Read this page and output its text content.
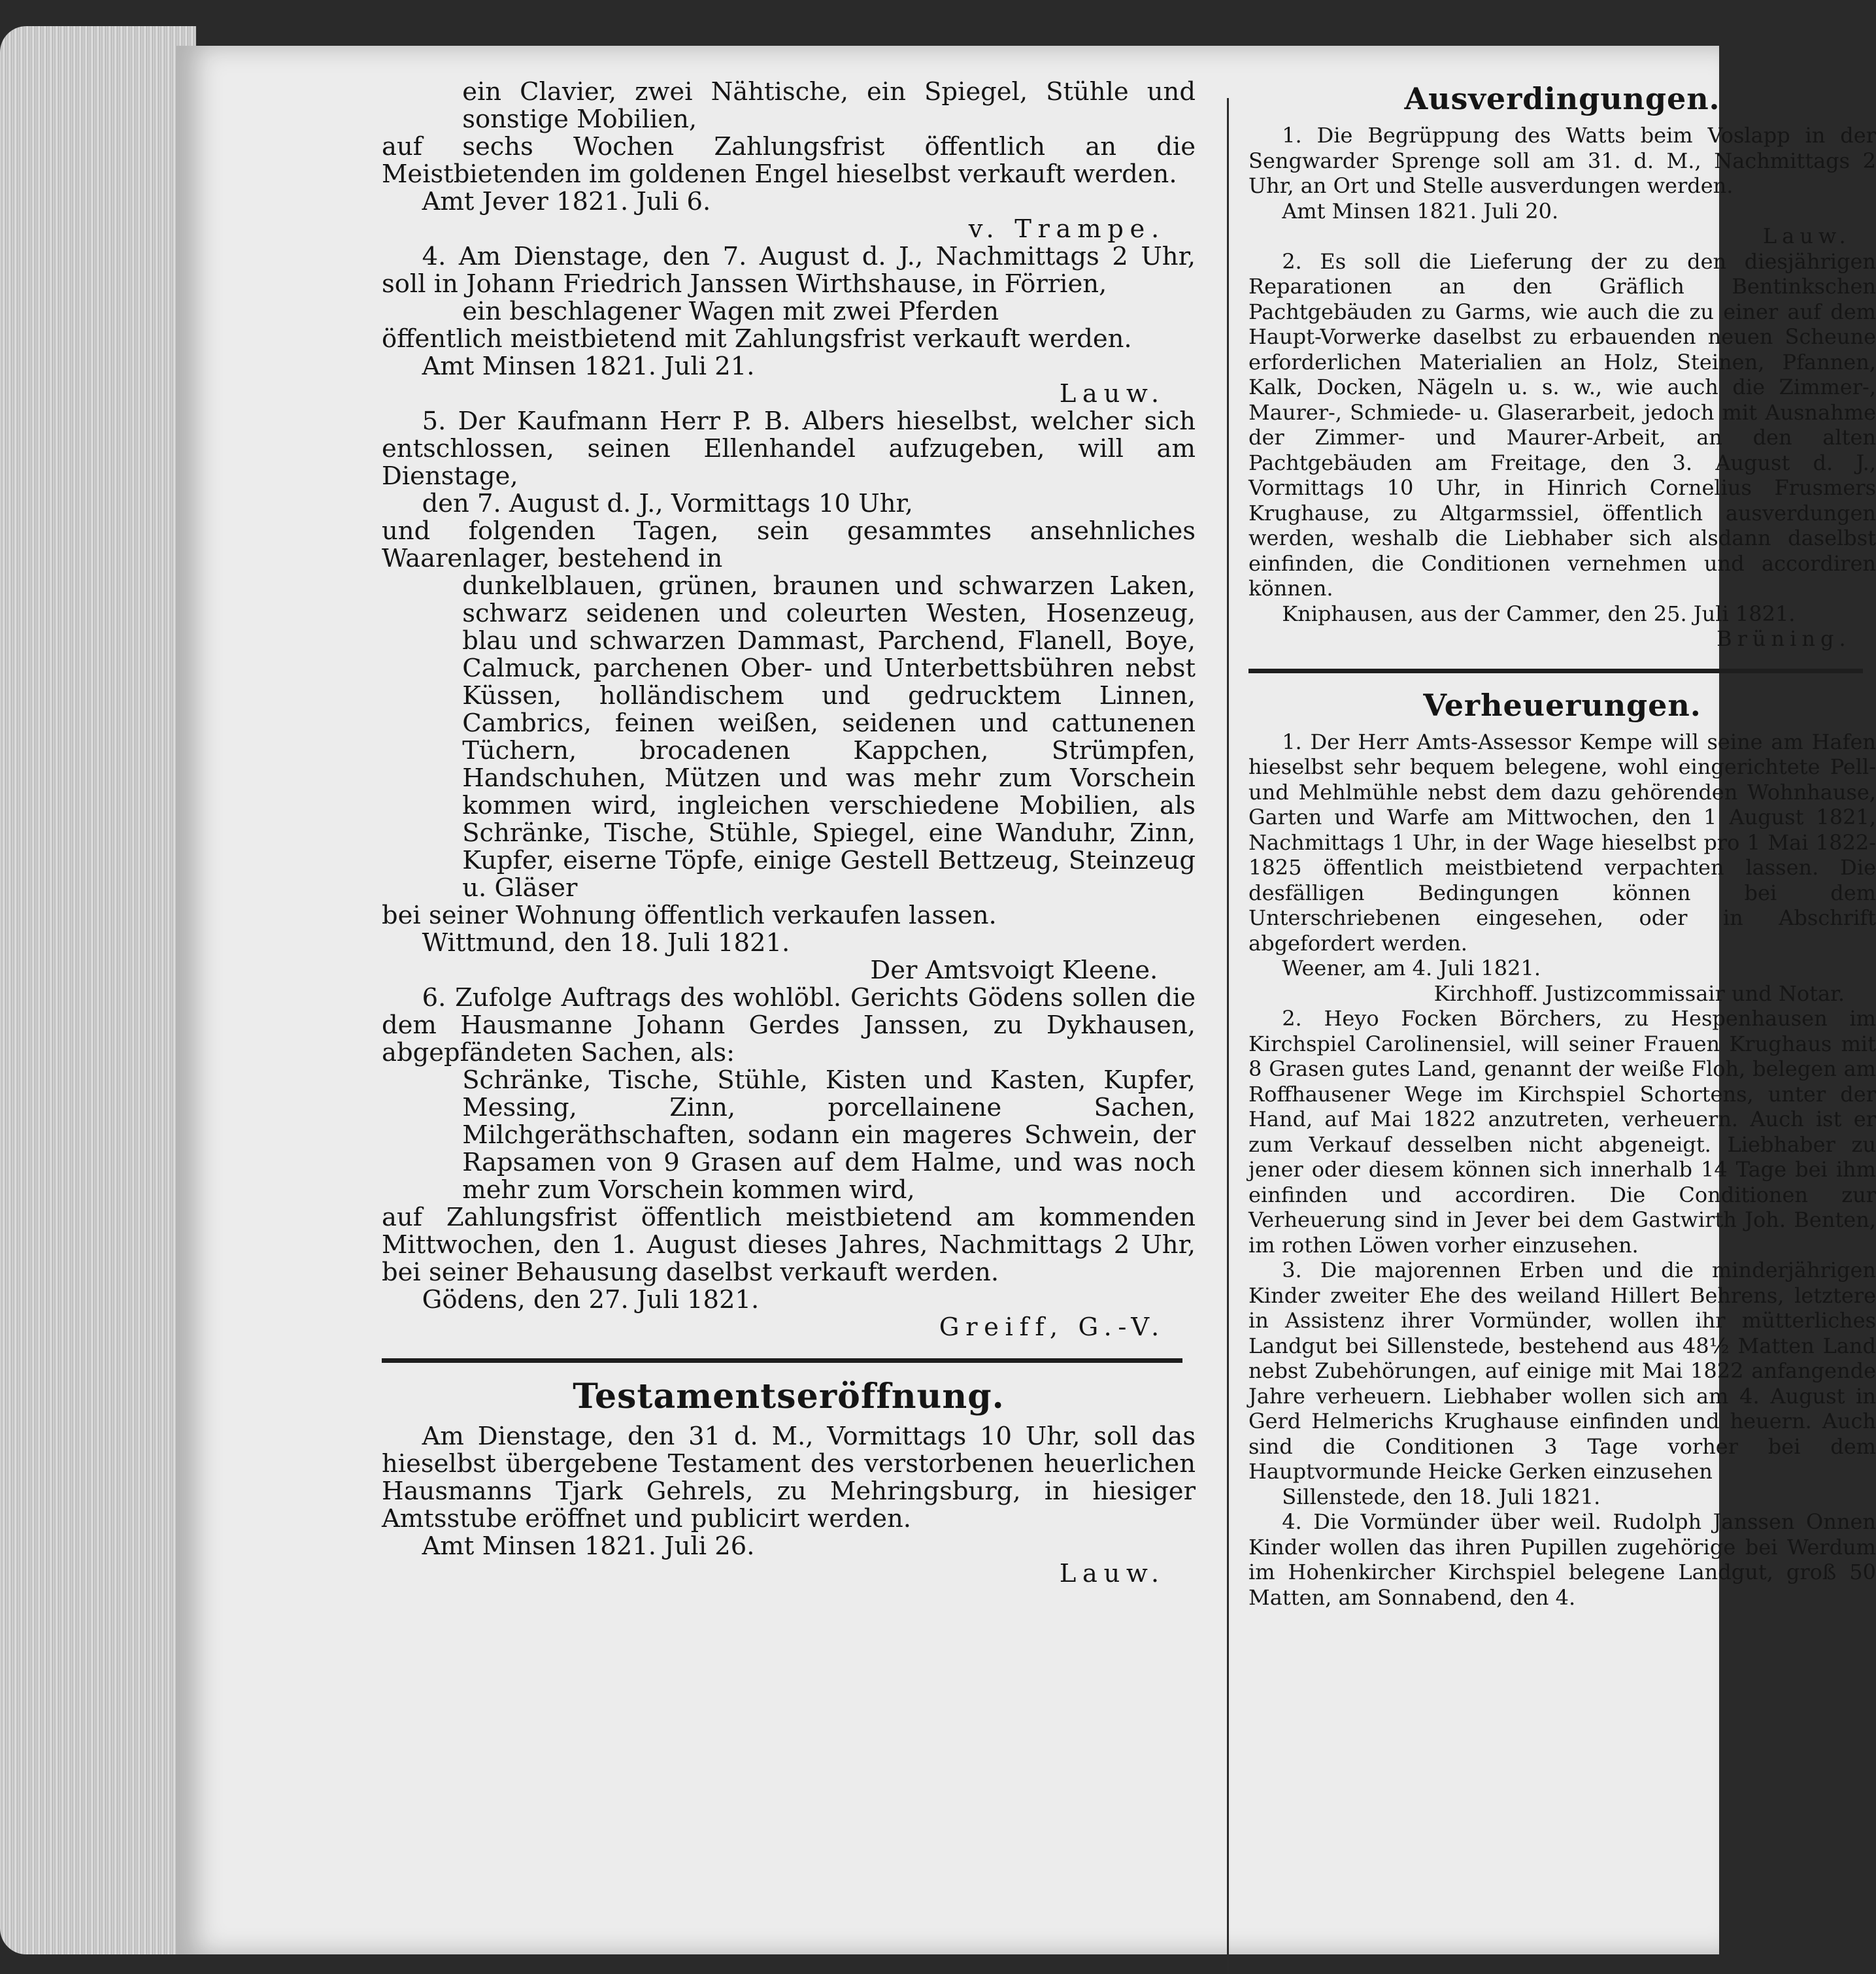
ein Clavier, zwei Nähtische, ein Spiegel, Stühle und sonstige Mobilien,

auf sechs Wochen Zahlungsfrist öffentlich an die Meistbietenden im goldenen Engel hieselbst verkauft werden.

Amt Jever 1821. Juli 6.

v. Trampe.

4. Am Dienstage, den 7. August d. J., Nachmittags 2 Uhr, soll in Johann Friedrich Janssen Wirthshause, in Förrien,

ein beschlagener Wagen mit zwei Pferden

öffentlich meistbietend mit Zahlungsfrist verkauft werden.

Amt Minsen 1821. Juli 21.

Lauw.

5. Der Kaufmann Herr P. B. Albers hieselbst, welcher sich entschlossen, seinen Ellenhandel aufzugeben, will am Dienstage,

den 7. August d. J., Vormittags 10 Uhr,

und folgenden Tagen, sein gesammtes ansehnliches Waarenlager, bestehend in

dunkelblauen, grünen, braunen und schwarzen Laken, schwarz seidenen und coleurten Westen, Hosenzeug, blau und schwarzen Dammast, Parchend, Flanell, Boye, Calmuck, parchenen Ober- und Unterbettsbühren nebst Küssen, holländischem und gedrucktem Linnen, Cambrics, feinen weißen, seidenen und cattunenen Tüchern, brocadenen Kappchen, Strümpfen, Handschuhen, Mützen und was mehr zum Vorschein kommen wird, ingleichen verschiedene Mobilien, als Schränke, Tische, Stühle, Spiegel, eine Wanduhr, Zinn, Kupfer, eiserne Töpfe, einige Gestell Bettzeug, Steinzeug u. Gläser

bei seiner Wohnung öffentlich verkaufen lassen.

Wittmund, den 18. Juli 1821.

Der Amtsvoigt Kleene.

6. Zufolge Auftrags des wohlöbl. Gerichts Gödens sollen die dem Hausmanne Johann Gerdes Janssen, zu Dykhausen, abgepfändeten Sachen, als:

Schränke, Tische, Stühle, Kisten und Kasten, Kupfer, Messing, Zinn, porcellainene Sachen, Milchgeräthschaften, sodann ein mageres Schwein, der Rapsamen von 9 Grasen auf dem Halme, und was noch mehr zum Vorschein kommen wird,

auf Zahlungsfrist öffentlich meistbietend am kommenden Mittwochen, den 1. August dieses Jahres, Nachmittags 2 Uhr, bei seiner Behausung daselbst verkauft werden.

Gödens, den 27. Juli 1821.

Greiff, G.-V.

Testamentseröffnung.

Am Dienstage, den 31 d. M., Vormittags 10 Uhr, soll das hieselbst übergebene Testament des verstorbenen heuerlichen Hausmanns Tjark Gehrels, zu Mehringsburg, in hiesiger Amtsstube eröffnet und publicirt werden.

Amt Minsen 1821. Juli 26.

Lauw.

Ausverdingungen.

1. Die Begrüppung des Watts beim Voslapp in der Sengwarder Sprenge soll am 31. d. M., Nachmittags 2 Uhr, an Ort und Stelle ausverdungen werden.

Amt Minsen 1821. Juli 20.

Lauw.

2. Es soll die Lieferung der zu den diesjährigen Reparationen an den Gräflich Bentinkschen Pachtgebäuden zu Garms, wie auch die zu einer auf dem Haupt-Vorwerke daselbst zu erbauenden neuen Scheune erforderlichen Materialien an Holz, Steinen, Pfannen, Kalk, Docken, Nägeln u. s. w., wie auch die Zimmer-, Maurer-, Schmiede- u. Glaserarbeit, jedoch mit Ausnahme der Zimmer- und Maurer-Arbeit, an den alten Pachtgebäuden am Freitage, den 3. August d. J., Vormittags 10 Uhr, in Hinrich Cornelius Frusmers Krughause, zu Altgarmssiel, öffentlich ausverdungen werden, weshalb die Liebhaber sich alsdann daselbst einfinden, die Conditionen vernehmen und accordiren können.

Kniphausen, aus der Cammer, den 25. Juli 1821.

Brüning.

Verheuerungen.

1. Der Herr Amts-Assessor Kempe will seine am Hafen hieselbst sehr bequem belegene, wohl eingerichtete Pell- und Mehlmühle nebst dem dazu gehörenden Wohnhause, Garten und Warfe am Mittwochen, den 1 August 1821, Nachmittags 1 Uhr, in der Wage hieselbst pro 1 Mai 1822-1825 öffentlich meistbietend verpachten lassen. Die desfälligen Bedingungen können bei dem Unterschriebenen eingesehen, oder in Abschrift abgefordert werden.

Weener, am 4. Juli 1821.

Kirchhoff. Justizcommissair und Notar.

2. Heyo Focken Börchers, zu Hespenhausen im Kirchspiel Carolinensiel, will seiner Frauen Krughaus mit 8 Grasen gutes Land, genannt der weiße Floh, belegen am Roffhausener Wege im Kirchspiel Schortens, unter der Hand, auf Mai 1822 anzutreten, verheuern. Auch ist er zum Verkauf desselben nicht abgeneigt. Liebhaber zu jener oder diesem können sich innerhalb 14 Tage bei ihm einfinden und accordiren. Die Conditionen zur Verheuerung sind in Jever bei dem Gastwirth Joh. Benten, im rothen Löwen vorher einzusehen.

3. Die majorennen Erben und die minderjährigen Kinder zweiter Ehe des weiland Hillert Behrens, letztere in Assistenz ihrer Vormünder, wollen ihr mütterliches Landgut bei Sillenstede, bestehend aus 48½ Matten Land nebst Zubehörungen, auf einige mit Mai 1822 anfangende Jahre verheuern. Liebhaber wollen sich am 4. August in Gerd Helmerichs Krughause einfinden und heuern. Auch sind die Conditionen 3 Tage vorher bei dem Hauptvormunde Heicke Gerken einzusehen

Sillenstede, den 18. Juli 1821.

4. Die Vormünder über weil. Rudolph Janssen Onnen Kinder wollen das ihren Pupillen zugehörige bei Werdum im Hohenkircher Kirchspiel belegene Landgut, groß 50 Matten, am Sonnabend, den 4.
